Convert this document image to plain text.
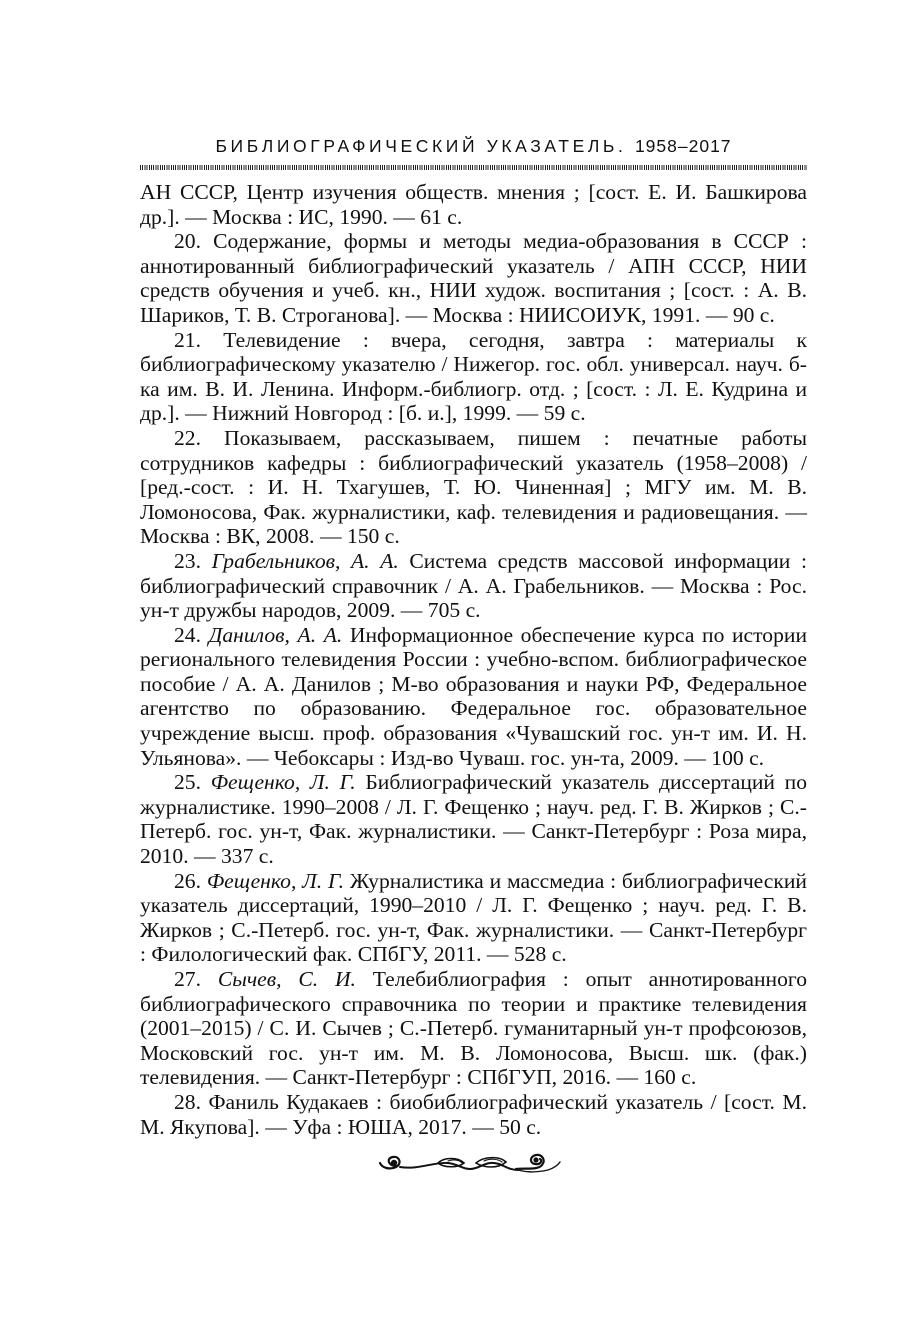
БИБЛИОГРАФИЧЕСКИЙ УКАЗАТЕЛЬ. 1958–2017

АН СССР, Центр изучения обществ. мнения ; [сост. Е. И. Башкирова др.]. — Москва : ИС, 1990. — 61 с.

20. Содержание, формы и методы медиа-образования в СССР : аннотированный библиографический указатель / АПН СССР, НИИ средств обучения и учеб. кн., НИИ худож. воспитания ; [сост. : А. В. Шариков, Т. В. Строганова]. — Москва : НИИСОИУК, 1991. — 90 с.

21. Телевидение : вчера, сегодня, завтра : материалы к библиографическому указателю / Нижегор. гос. обл. универсал. науч. б-ка им. В. И. Ленина. Информ.-библиогр. отд. ; [сост. : Л. Е. Кудрина и др.]. — Нижний Новгород : [б. и.], 1999. — 59 с.

22. Показываем, рассказываем, пишем : печатные работы сотрудников кафедры : библиографический указатель (1958–2008) / [ред.-сост. : И. Н. Тхагушев, Т. Ю. Чиненная] ; МГУ им. М. В. Ломоносова, Фак. журналистики, каф. телевидения и радиовещания. — Москва : ВК, 2008. — 150 с.

23. Грабельников, А. А. Система средств массовой информации : библиографический справочник / А. А. Грабельников. — Москва : Рос. ун-т дружбы народов, 2009. — 705 с.

24. Данилов, А. А. Информационное обеспечение курса по истории регионального телевидения России : учебно-вспом. библиографическое пособие / А. А. Данилов ; М-во образования и науки РФ, Федеральное агентство по образованию. Федеральное гос. образовательное учреждение высш. проф. образования «Чувашский гос. ун-т им. И. Н. Ульянова». — Чебоксары : Изд-во Чуваш. гос. ун-та, 2009. — 100 с.

25. Фещенко, Л. Г. Библиографический указатель диссертаций по журналистике. 1990–2008 / Л. Г. Фещенко ; науч. ред. Г. В. Жирков ; С.-Петерб. гос. ун-т, Фак. журналистики. — Санкт-Петербург : Роза мира, 2010. — 337 с.

26. Фещенко, Л. Г. Журналистика и массмедиа : библиографический указатель диссертаций, 1990–2010 / Л. Г. Фещенко ; науч. ред. Г. В. Жирков ; С.-Петерб. гос. ун-т, Фак. журналистики. — Санкт-Петербург : Филологический фак. СПбГУ, 2011. — 528 с.

27. Сычев, С. И. Телебиблиография : опыт аннотированного библиографического справочника по теории и практике телевидения (2001–2015) / С. И. Сычев ; С.-Петерб. гуманитарный ун-т профсоюзов, Московский гос. ун-т им. М. В. Ломоносова, Высш. шк. (фак.) телевидения. — Санкт-Петербург : СПбГУП, 2016. — 160 с.

28. Фаниль Кудакаев : биобиблиографический указатель / [сост. М. М. Якупова]. — Уфа : ЮША, 2017. — 50 с.
